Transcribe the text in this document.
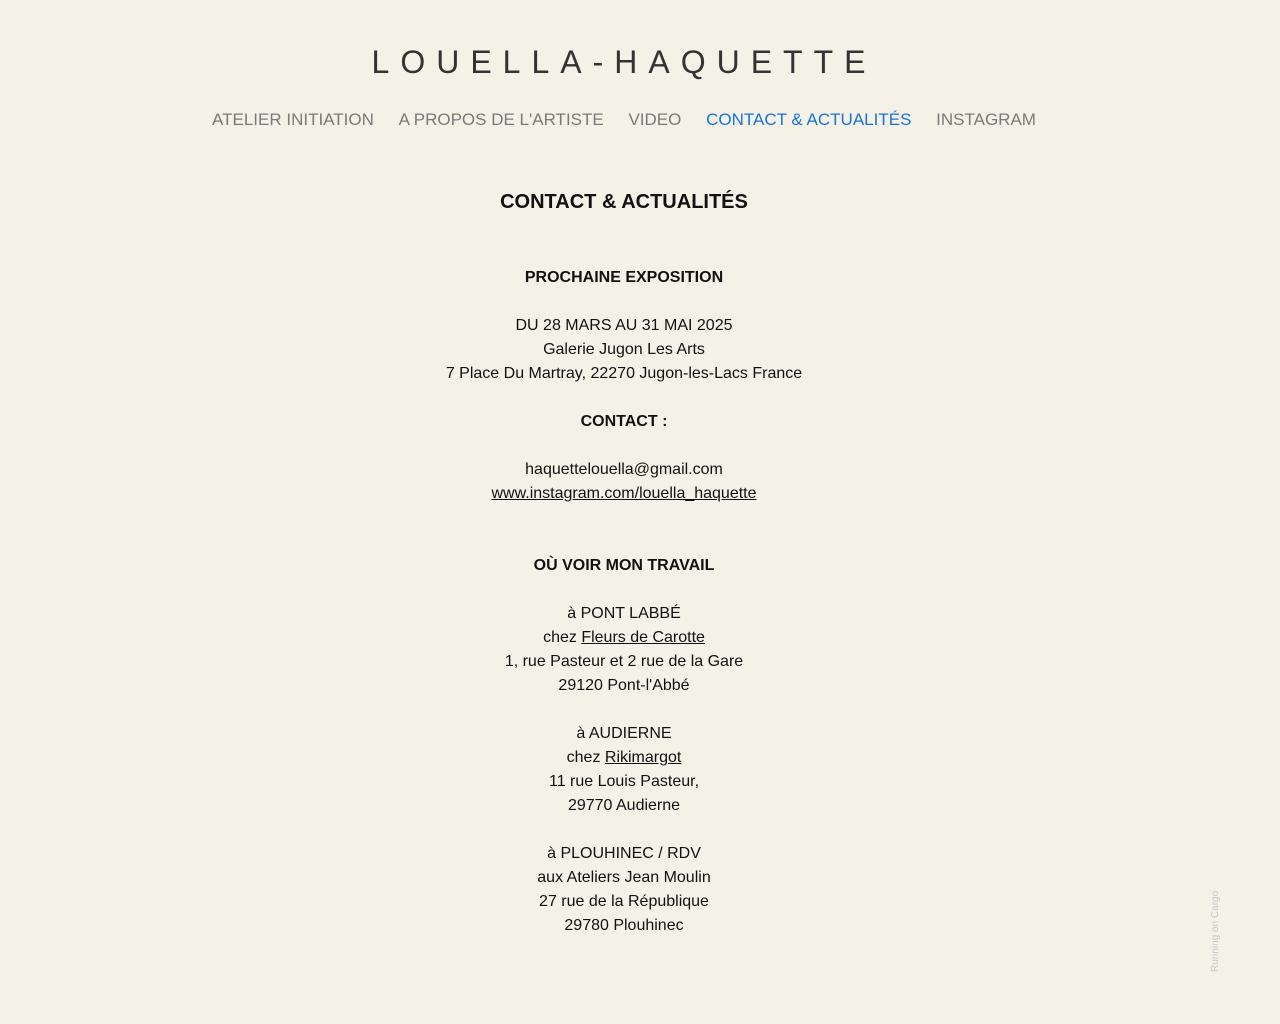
LOUELLA-HAQUETTE
ATELIER INITIATION A PROPOS DE L'ARTISTE VIDEO CONTACT & ACTUALITÉS INSTAGRAM

CONTACT & ACTUALITÉS

PROCHAINE EXPOSITION

DU 28 MARS AU 31 MAI 2025

Galerie Jugon Les Arts

7 Place Du Martray, 22270 Jugon-les-Lacs France

CONTACT :

haquettelouella@gmail.com

www.instagram.com/louella_haquette

OÙ VOIR MON TRAVAIL

à PONT LABBÉ

chez Fleurs de Carotte

1, rue Pasteur et 2 rue de la Gare

29120 Pont-l'Abbé

à AUDIERNE

chez Rikimargot

11 rue Louis Pasteur,

29770 Audierne

à PLOUHINEC / RDV

aux Ateliers Jean Moulin

27 rue de la République

29780 Plouhinec	Running on Cargo
